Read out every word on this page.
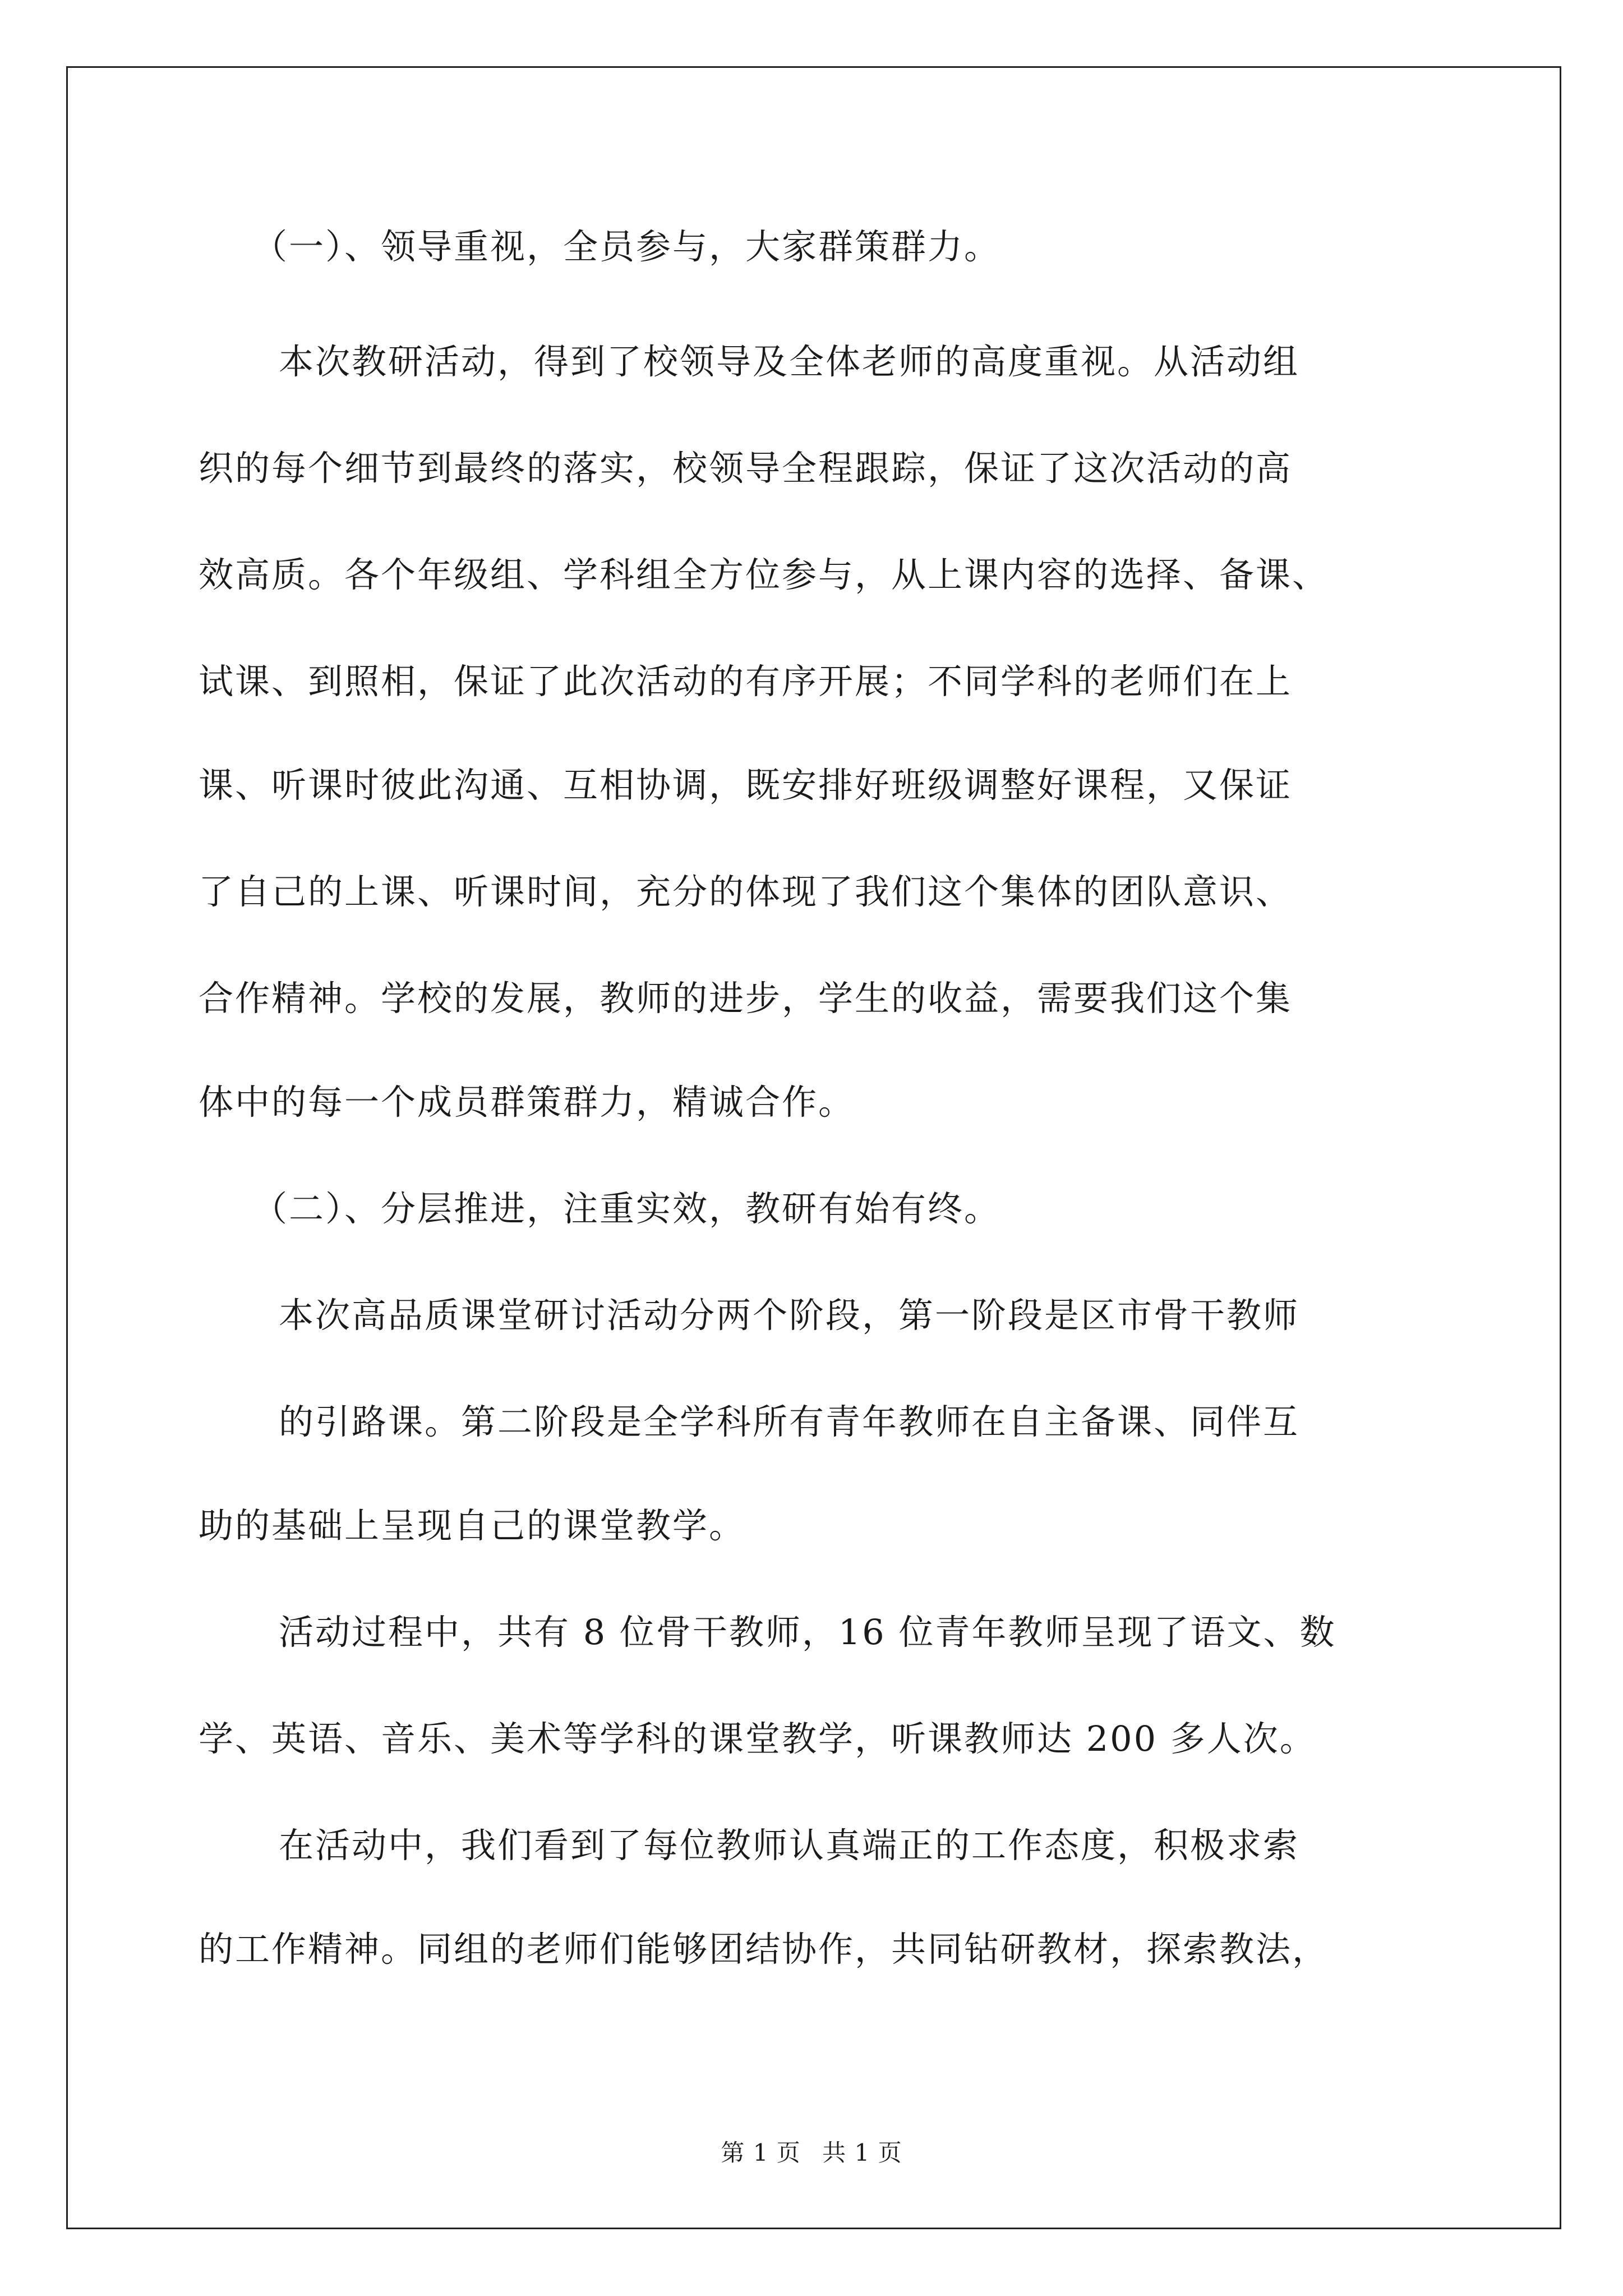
（一）、领导重视，全员参与，大家群策群力。
本次教研活动，得到了校领导及全体老师的高度重视。从活动组
织的每个细节到最终的落实，校领导全程跟踪，保证了这次活动的高
效高质。各个年级组、学科组全方位参与，从上课内容的选择、备课、
试课、到照相，保证了此次活动的有序开展；不同学科的老师们在上
课、听课时彼此沟通、互相协调，既安排好班级调整好课程，又保证
了自己的上课、听课时间，充分的体现了我们这个集体的团队意识、
合作精神。学校的发展，教师的进步，学生的收益，需要我们这个集
体中的每一个成员群策群力，精诚合作。
（二）、分层推进，注重实效，教研有始有终。
本次高品质课堂研讨活动分两个阶段，第一阶段是区市骨干教师
的引路课。第二阶段是全学科所有青年教师在自主备课、同伴互
助的基础上呈现自己的课堂教学。
活动过程中，共有 8 位骨干教师，16 位青年教师呈现了语文、数
学、英语、音乐、美术等学科的课堂教学，听课教师达 200 多人次。
在活动中，我们看到了每位教师认真端正的工作态度，积极求索
的工作精神。同组的老师们能够团结协作，共同钻研教材，探索教法，
第 1 页 共 1 页
